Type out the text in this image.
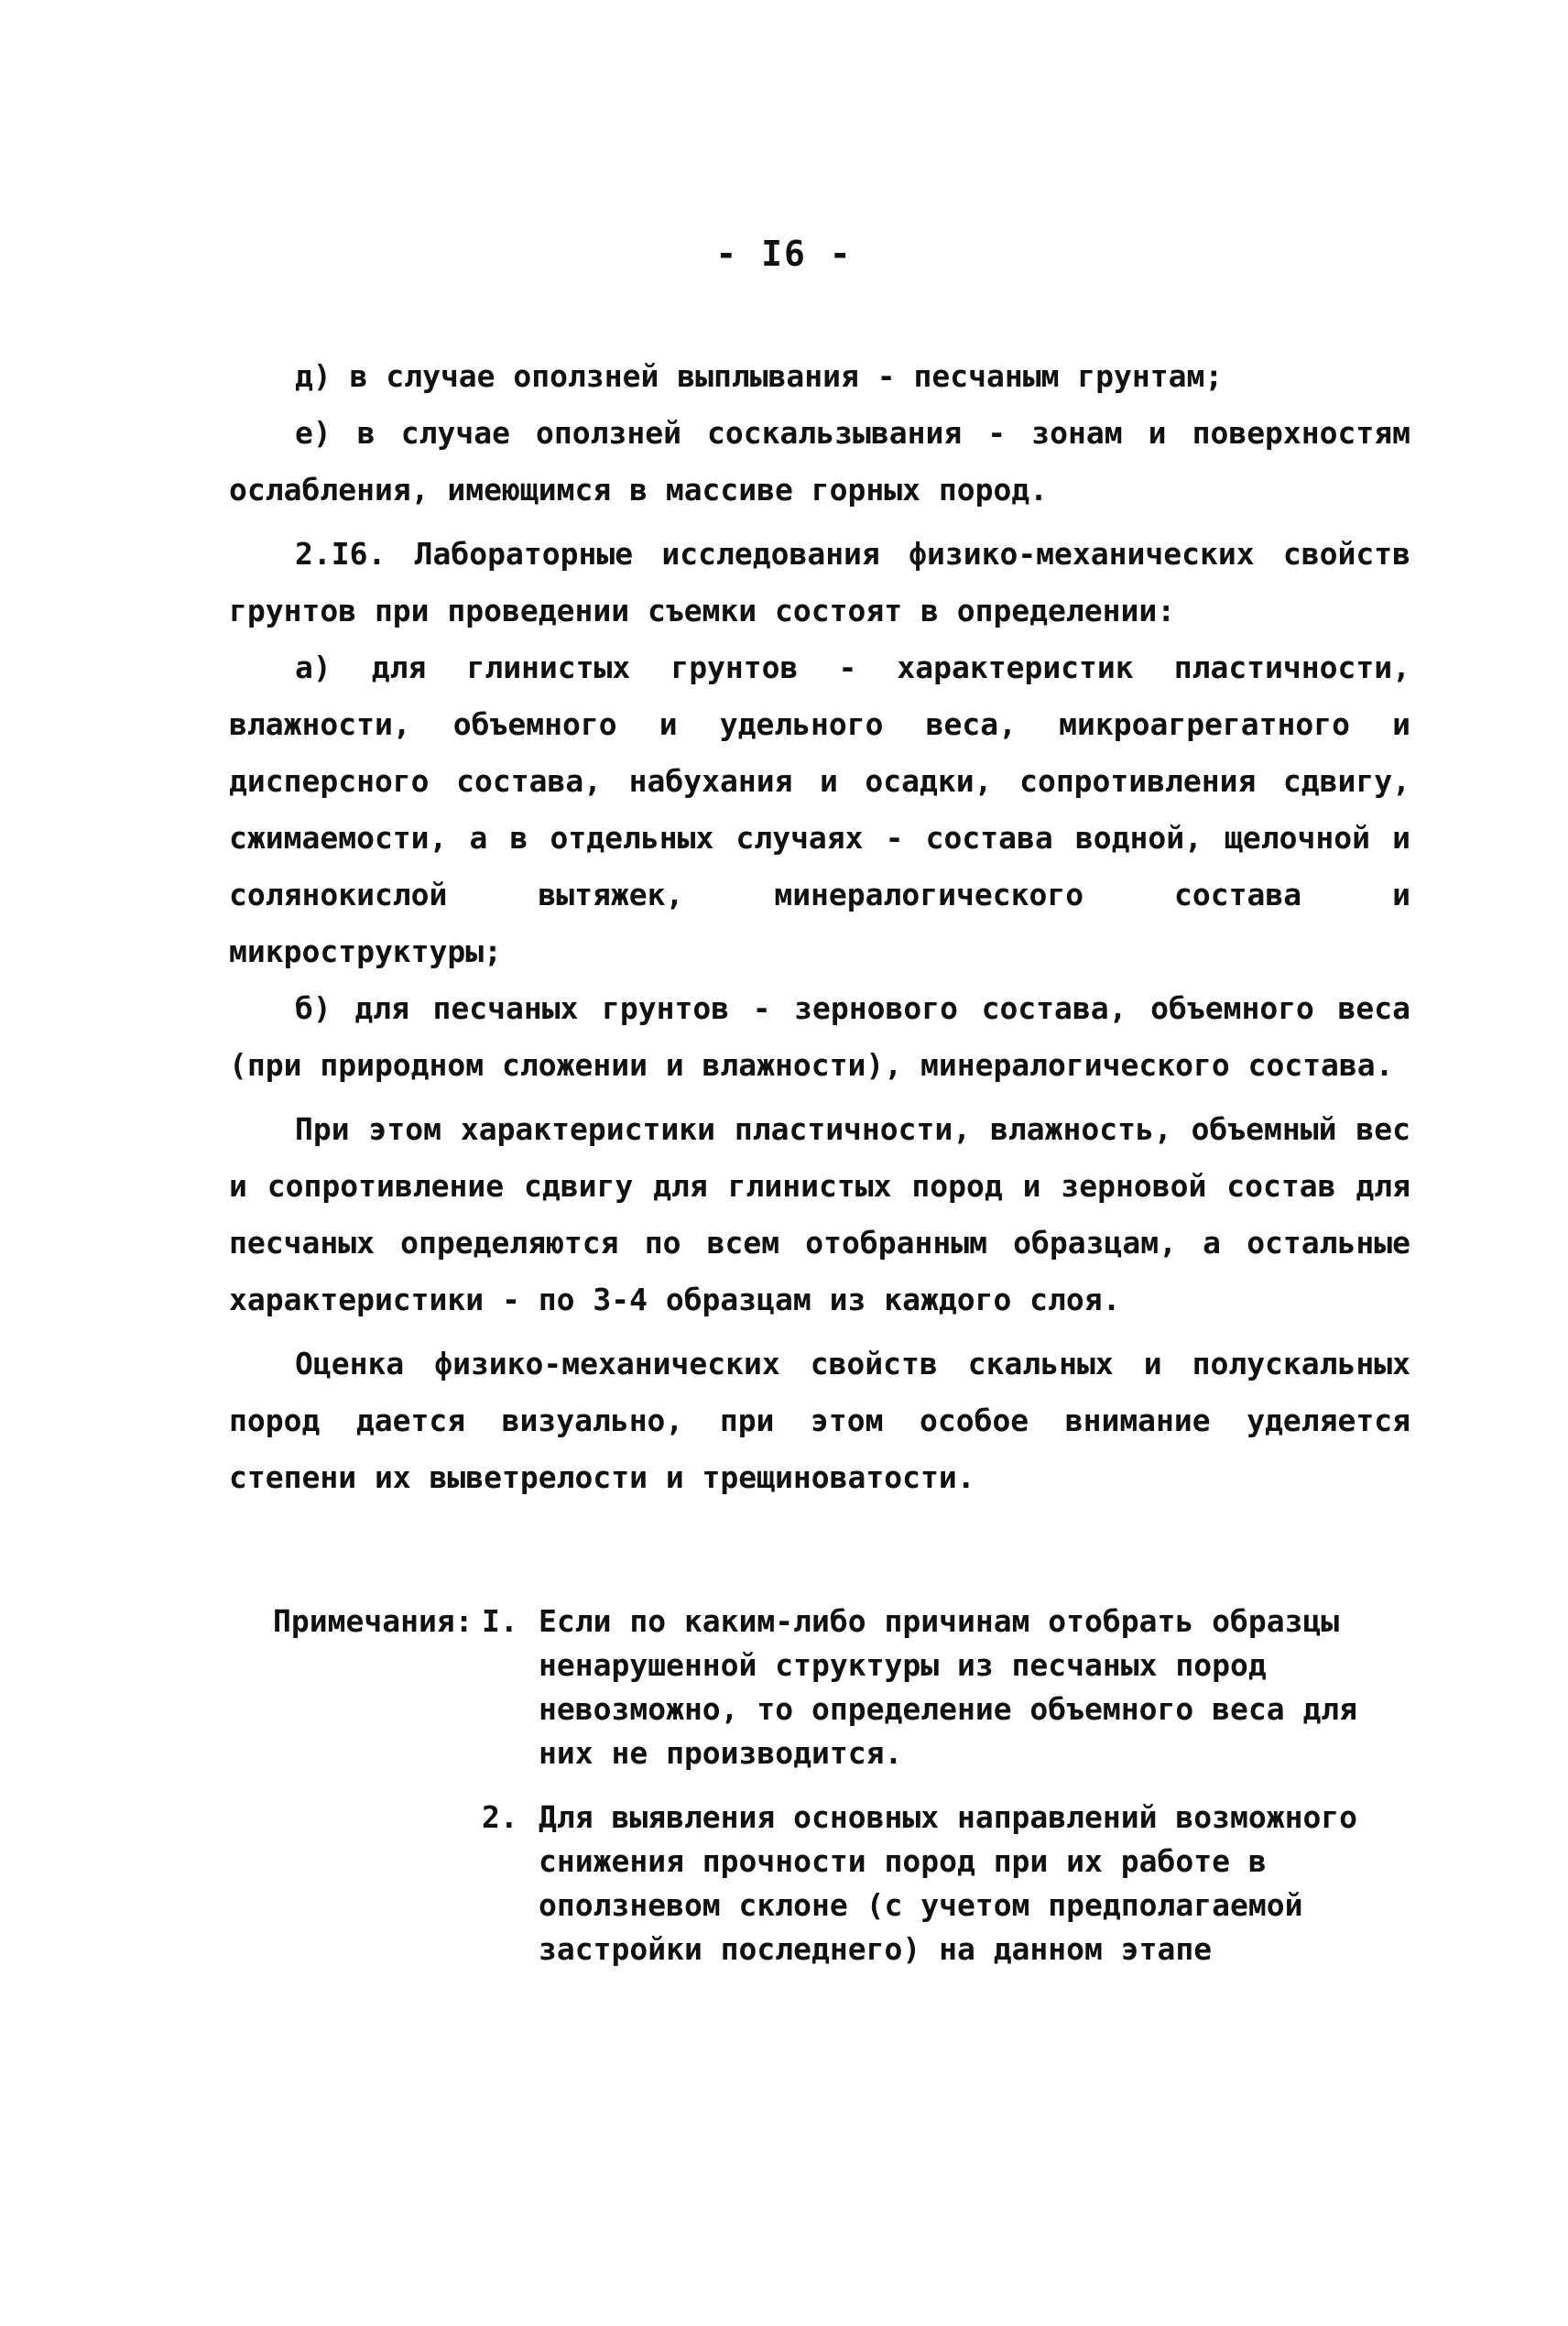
- I6 -

д) в случае оползней выплывания - песчаным грунтам;

е) в случае оползней соскальзывания - зонам и поверхностям ослабления, имеющимся в массиве горных пород.

2.I6. Лабораторные исследования физико-механических свойств грунтов при проведении съемки состоят в определении:

а) для глинистых грунтов - характеристик пластичности, влажности, объемного и удельного веса, микроагрегатного и дисперсного состава, набухания и осадки, сопротивления сдвигу, сжимаемости, а в отдельных случаях - состава водной, щелочной и солянокислой вытяжек, минералогического состава и микроструктуры;

б) для песчаных грунтов - зернового состава, объемного веса (при природном сложении и влажности), минералогического состава.

При этом характеристики пластичности, влажность, объемный вес и сопротивление сдвигу для глинистых пород и зерновой состав для песчаных определяются по всем отобранным образцам, а остальные характеристики - по 3-4 образцам из каждого слоя.

Оценка физико-механических свойств скальных и полускальных пород дается визуально, при этом особое внимание уделяется степени их выветрелости и трещиноватости.

Примечания: I. Если по каким-либо причинам отобрать образцы ненарушенной структуры из песчаных пород невозможно, то определение объемного веса для них не производится.
2. Для выявления основных направлений возможного снижения прочности пород при их работе в оползневом склоне (с учетом предполагаемой застройки последнего) на данном этапе
